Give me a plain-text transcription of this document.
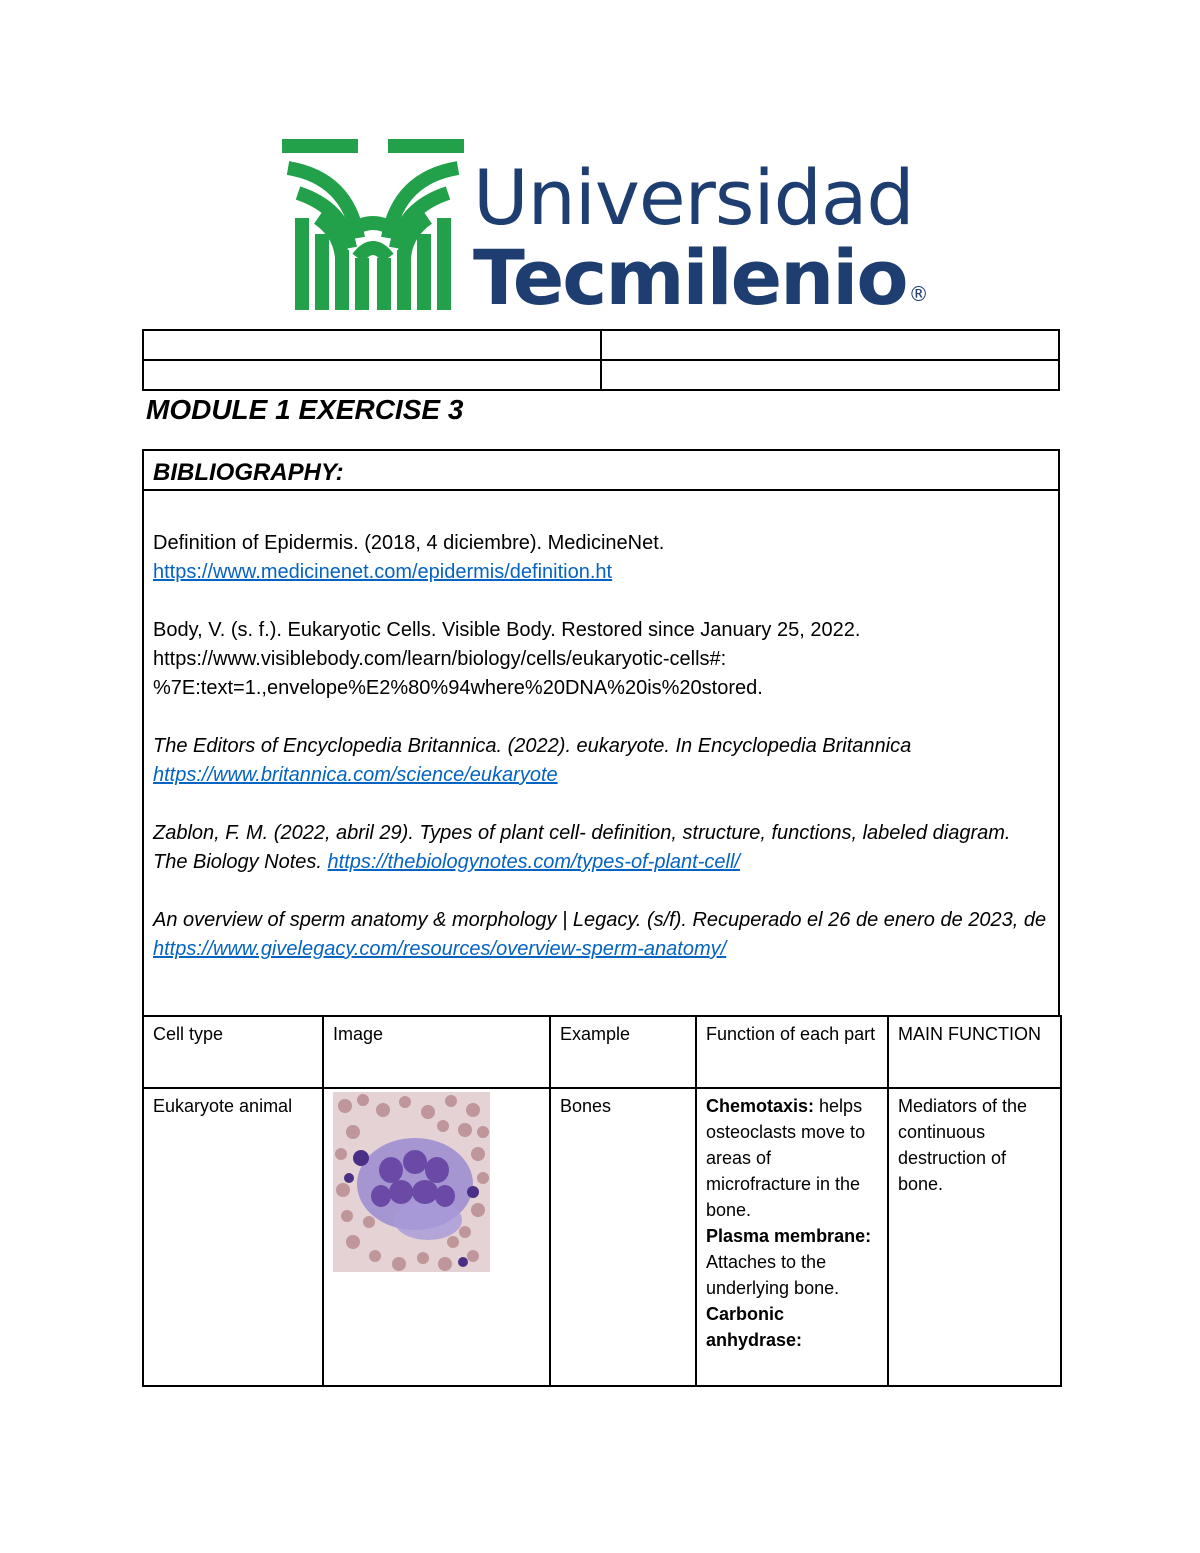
Universidad
Tecmilenio ®

MODULE 1 EXERCISE 3
BIBLIOGRAPHY:

Definition of Epidermis. (2018, 4 diciembre). MedicineNet.
https://www.medicinenet.com/epidermis/definition.ht

Body, V. (s. f.). Eukaryotic Cells. Visible Body. Restored since January 25, 2022.
https://www.visiblebody.com/learn/biology/cells/eukaryotic-cells#:
%7E:text=1.,envelope%E2%80%94where%20DNA%20is%20stored.

The Editors of Encyclopedia Britannica. (2022). eukaryote. In Encyclopedia Britannica
https://www.britannica.com/science/eukaryote

Zablon, F. M. (2022, abril 29). Types of plant cell- definition, structure, functions, labeled diagram. The Biology Notes. https://thebiologynotes.com/types-of-plant-cell/

An overview of sperm anatomy & morphology | Legacy. (s/f). Recuperado el 26 de enero de 2023, de https://www.givelegacy.com/resources/overview-sperm-anatomy/

Cell type	Image	Example	Function of each part	MAIN FUNCTION
Eukaryote animal		Bones	Chemotaxis: helps osteoclasts move to areas of microfracture in the bone.
Plasma membrane: Attaches to the underlying bone.
Carbonic anhydrase:	Mediators of the continuous destruction of bone.
